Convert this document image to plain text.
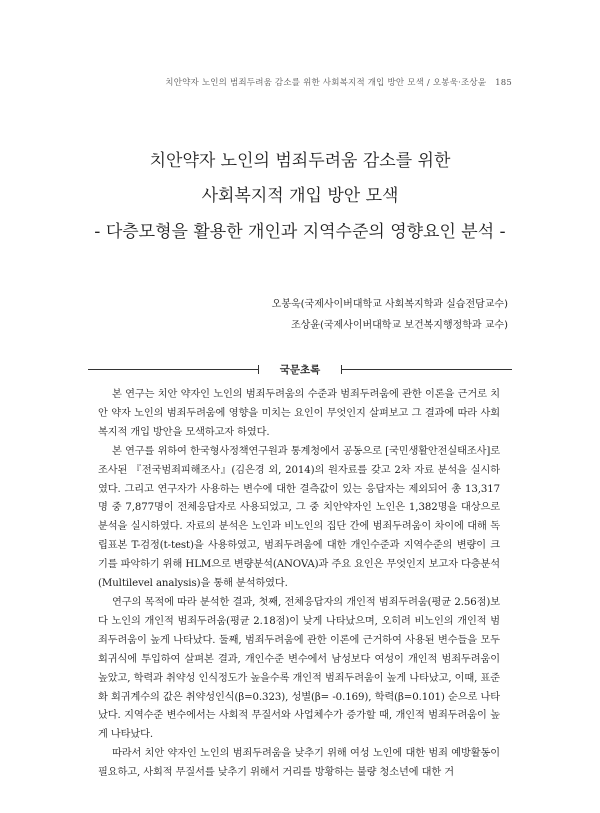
치안약자 노인의 범죄두려움 감소를 위한 사회복지적 개입 방안 모색 / 오봉욱·조상윤 185
치안약자 노인의 범죄두려움 감소를 위한
사회복지적 개입 방안 모색
- 다층모형을 활용한 개인과 지역수준의 영향요인 분석 -
오봉욱(국제사이버대학교 사회복지학과 실습전담교수)
조상윤(국제사이버대학교 보건복지행정학과 교수)
국문초록

본 연구는 치안 약자인 노인의 범죄두려움의 수준과 범죄두려움에 관한 이론을 근거로 치안 약자 노인의 범죄두려움에 영향을 미치는 요인이 무엇인지 살펴보고 그 결과에 따라 사회복지적 개입 방안을 모색하고자 하였다.

본 연구를 위하여 한국형사정책연구원과 통계청에서 공동으로 [국민생활안전실태조사]로 조사된 『전국범죄피해조사』(김은경 외, 2014)의 원자료를 갖고 2차 자료 분석을 실시하였다. 그리고 연구자가 사용하는 변수에 대한 결측값이 있는 응답자는 제외되어 총 13,317명 중 7,877명이 전체응답자로 사용되었고, 그 중 치안약자인 노인은 1,382명을 대상으로 분석을 실시하였다. 자료의 분석은 노인과 비노인의 집단 간에 범죄두려움이 차이에 대해 독립표본 T-검정(t-test)을 사용하였고, 범죄두려움에 대한 개인수준과 지역수준의 변량이 크기를 파악하기 위해 HLM으로 변량분석(ANOVA)과 주요 요인은 무엇인지 보고자 다층분석(Multilevel analysis)을 통해 분석하였다.

연구의 목적에 따라 분석한 결과, 첫째, 전체응답자의 개인적 범죄두려움(평균 2.56점)보다 노인의 개인적 범죄두려움(평균 2.18점)이 낮게 나타났으며, 오히려 비노인의 개인적 범죄두려움이 높게 나타났다. 둘째, 범죄두려움에 관한 이론에 근거하여 사용된 변수들을 모두 회귀식에 투입하여 살펴본 결과, 개인수준 변수에서 남성보다 여성이 개인적 범죄두려움이 높았고, 학력과 취약성 인식정도가 높을수록 개인적 범죄두려움이 높게 나타났고, 이때, 표준화 회귀계수의 값은 취약성인식(β=0.323), 성별(β= -0.169), 학력(β=0.101) 순으로 나타났다. 지역수준 변수에서는 사회적 무질서와 사업체수가 증가할 때, 개인적 범죄두려움이 높게 나타났다.

따라서 치안 약자인 노인의 범죄두려움을 낮추기 위해 여성 노인에 대한 범죄 예방활동이 필요하고, 사회적 무질서를 낮추기 위해서 거리를 방황하는 불량 청소년에 대한 거
